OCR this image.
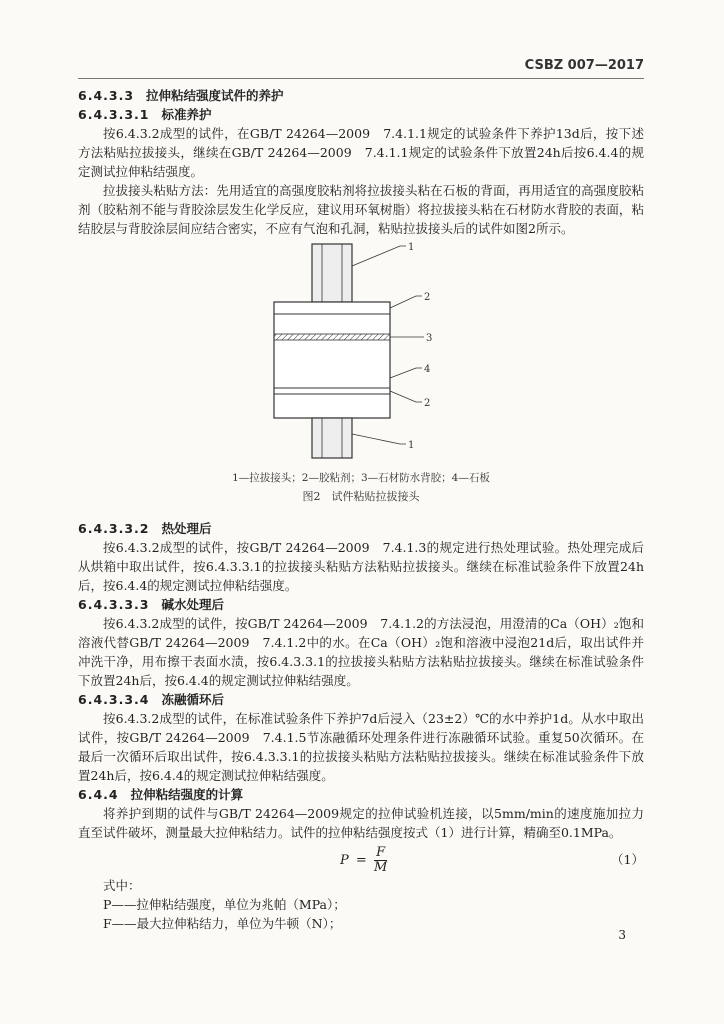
CSBZ 007—2017
6.4.3.3 拉伸粘结强度试件的养护
6.4.3.3.1 标准养护
按6.4.3.2成型的试件，在GB/T 24264—2009　7.4.1.1规定的试验条件下养护13d后，按下述方法粘贴拉拔接头，继续在GB/T 24264—2009　7.4.1.1规定的试验条件下放置24h后按6.4.4的规定测试拉伸粘结强度。
拉拔接头粘贴方法：先用适宜的高强度胶粘剂将拉拔接头粘在石板的背面，再用适宜的高强度胶粘剂（胶粘剂不能与背胶涂层发生化学反应，建议用环氧树脂）将拉拔接头粘在石材防水背胶的表面，粘结胶层与背胶涂层间应结合密实，不应有气泡和孔洞，粘贴拉拔接头后的试件如图2所示。
1
2
3
4
2
1
1—拉拔接头；2—胶粘剂；3—石材防水背胶；4—石板
图2　试件粘贴拉拔接头
6.4.3.3.2 热处理后
按6.4.3.2成型的试件，按GB/T 24264—2009　7.4.1.3的规定进行热处理试验。热处理完成后从烘箱中取出试件，按6.4.3.3.1的拉拔接头粘贴方法粘贴拉拔接头。继续在标准试验条件下放置24h后，按6.4.4的规定测试拉伸粘结强度。
6.4.3.3.3 碱水处理后
按6.4.3.2成型的试件，按GB/T 24264—2009　7.4.1.2的方法浸泡，用澄清的Ca（OH）₂饱和溶液代替GB/T 24264—2009　7.4.1.2中的水。在Ca（OH）₂饱和溶液中浸泡21d后，取出试件并冲洗干净，用布擦干表面水渍，按6.4.3.3.1的拉拔接头粘贴方法粘贴拉拔接头。继续在标准试验条件下放置24h后，按6.4.4的规定测试拉伸粘结强度。
6.4.3.3.4 冻融循环后
按6.4.3.2成型的试件，在标准试验条件下养护7d后浸入（23±2）℃的水中养护1d。从水中取出试件，按GB/T 24264—2009　7.4.1.5节冻融循环处理条件进行冻融循环试验。重复50次循环。在最后一次循环后取出试件，按6.4.3.3.1的拉拔接头粘贴方法粘贴拉拔接头。继续在标准试验条件下放置24h后，按6.4.4的规定测试拉伸粘结强度。
6.4.4 拉伸粘结强度的计算
将养护到期的试件与GB/T 24264—2009规定的拉伸试验机连接，以5mm/min的速度施加拉力直至试件破坏，测量最大拉伸粘结力。试件的拉伸粘结强度按式（1）进行计算，精确至0.1MPa。
$P = \frac{F}{M}$	（1）
式中：
P——拉伸粘结强度，单位为兆帕（MPa）；
F——最大拉伸粘结力，单位为牛顿（N）；
3
